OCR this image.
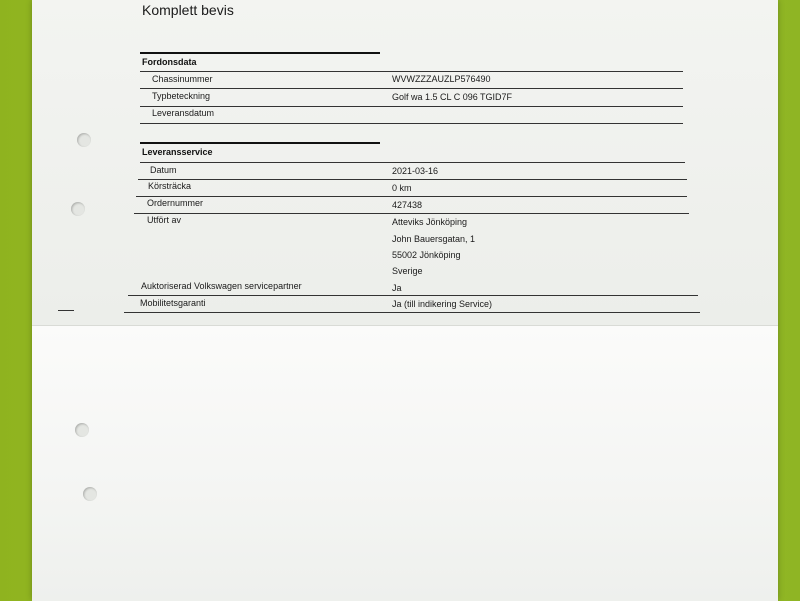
Komplett bevis
Fordonsdata
Chassinummer	WVWZZZAUZLP576490
Typbeteckning	Golf wa 1.5 CL C 096 TGID7F
Leveransdatum
Leveransservice
Datum	2021-03-16
Körsträcka	0 km
Ordernummer	427438
Utfört av	Atteviks Jönköping
John Bauersgatan, 1
55002 Jönköping
Sverige
Auktoriserad Volkswagen servicepartner	Ja
Mobilitetsgaranti	Ja (till indikering Service)
